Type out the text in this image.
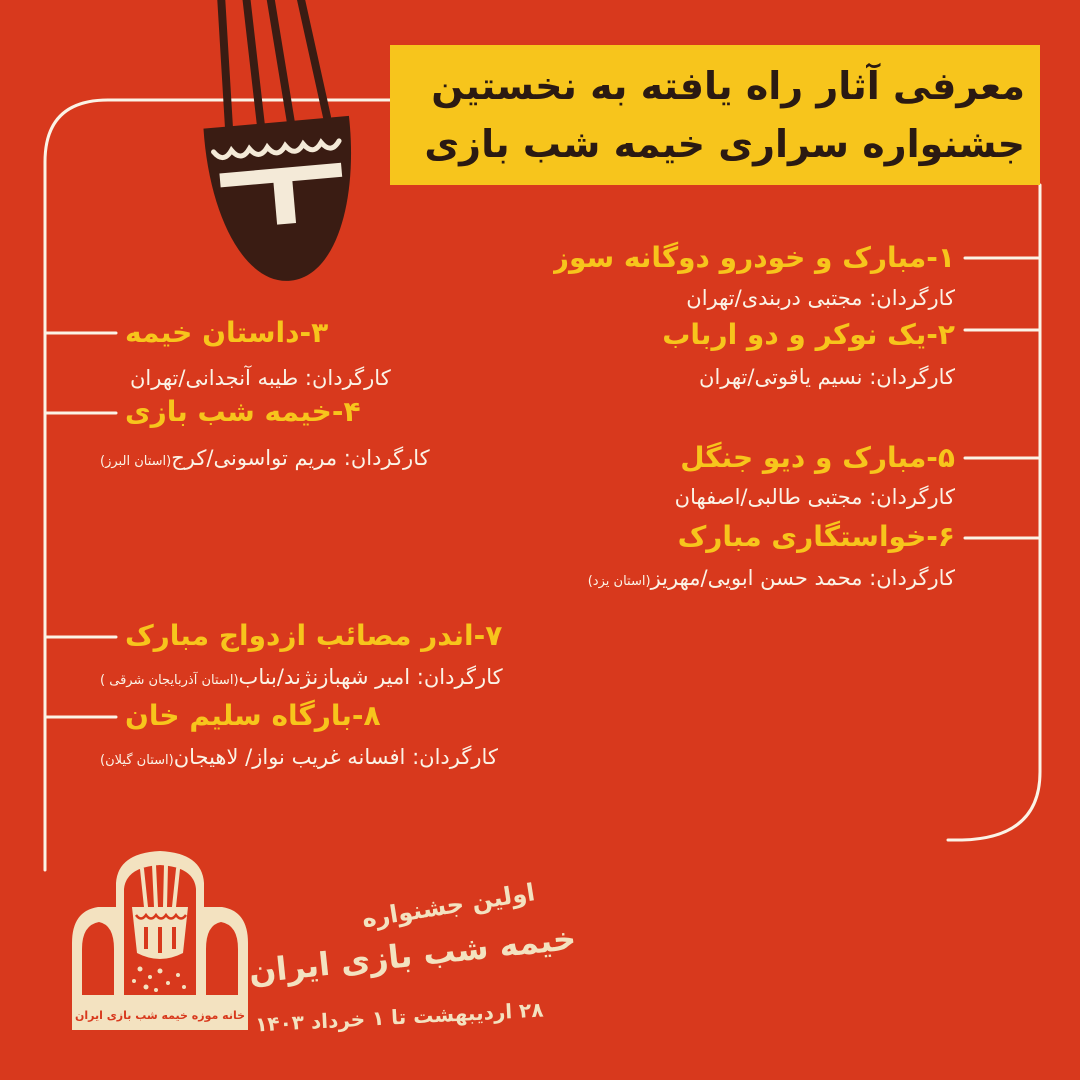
خانه موزه خیمه شب بازی ایران
معرفی آثار راه یافته به نخستین
جشنواره سراری خیمه شب بازی
۱-مبارک و خودرو دوگانه سوز
کارگردان: مجتبی دربندی/تهران
۲-یک نوکر و دو ارباب
کارگردان: نسیم یاقوتی/تهران
۵-مبارک و دیو جنگل
کارگردان: مجتبی طالبی/اصفهان
۶-خواستگاری مبارک
کارگردان: محمد حسن ابویی/مهریز(استان یزد)
۳-داستان خیمه
کارگردان: طیبه آنجدانی/تهران
۴-خیمه شب بازی
کارگردان: مریم تواسونی/کرج(استان البرز)
۷-اندر مصائب ازدواج مبارک
کارگردان: امیر شهبازنژند/بناب(استان آذربایجان شرقی )
۸-بارگاه سلیم خان
کارگردان: افسانه غریب نواز/ لاهیجان(استان گیلان)
اولین جشنواره
خیمه شب بازی ایران
۲۸ اردیبهشت تا ۱ خرداد ۱۴۰۳
